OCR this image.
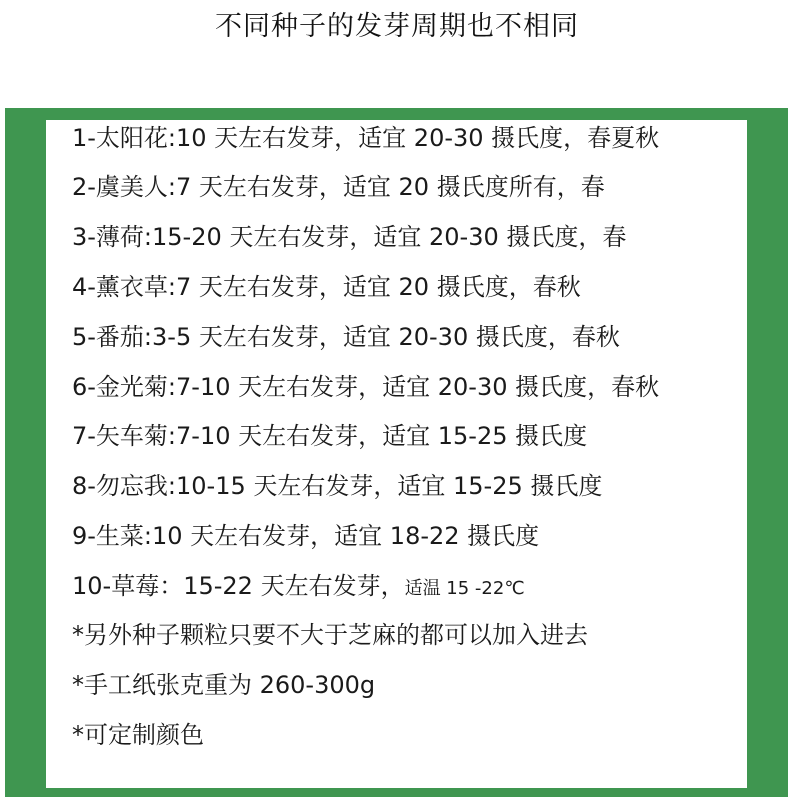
不同种子的发芽周期也不相同
1-太阳花:10 天左右发芽，适宜 20-30 摄氏度，春夏秋
2-虞美人:7 天左右发芽，适宜 20 摄氏度所有，春
3-薄荷:15-20 天左右发芽，适宜 20-30 摄氏度，春
4-薰衣草:7 天左右发芽，适宜 20 摄氏度，春秋
5-番茄:3-5 天左右发芽，适宜 20-30 摄氏度，春秋
6-金光菊:7-10 天左右发芽，适宜 20-30 摄氏度，春秋
7-矢车菊:7-10 天左右发芽，适宜 15-25 摄氏度
8-勿忘我:10-15 天左右发芽，适宜 15-25 摄氏度
9-生菜:10 天左右发芽，适宜 18-22 摄氏度
10-草莓：15-22 天左右发芽，适温 15 -22℃
*另外种子颗粒只要不大于芝麻的都可以加入进去
*手工纸张克重为 260-300g
*可定制颜色
